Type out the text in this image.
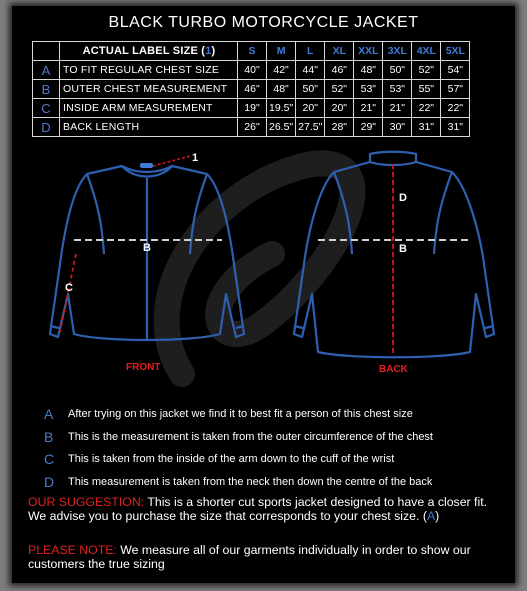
BLACK TURBO MOTORCYCLE JACKET
	ACTUAL LABEL SIZE (1)	S	M	L	XL	XXL	3XL	4XL	5XL
A	TO FIT REGULAR CHEST SIZE	40"	42"	44"	46"	48"	50"	52"	54"
B	OUTER CHEST MEASUREMENT	46"	48"	50"	52"	53"	53"	55"	57"
C	INSIDE ARM MEASUREMENT	19"	19.5"	20"	20"	21"	21"	22"	22"
D	BACK LENGTH	26"	26.5"	27.5"	28"	29"	30"	31"	31"
1
B
C
FRONT
D
B
BACK
A After trying on this jacket we find it to best fit a person of this chest size
B This is the measurement is taken from the outer circumference of the chest
C This is taken from the inside of the arm down to the cuff of the wrist
D This measurement is taken from the neck then down the centre of the back
OUR SUGGESTION: This is a shorter cut sports jacket designed to have a closer fit. We advise you to purchase the size that corresponds to your chest size. (A)
PLEASE NOTE: We measure all of our garments individually in order to show our customers the true sizing
